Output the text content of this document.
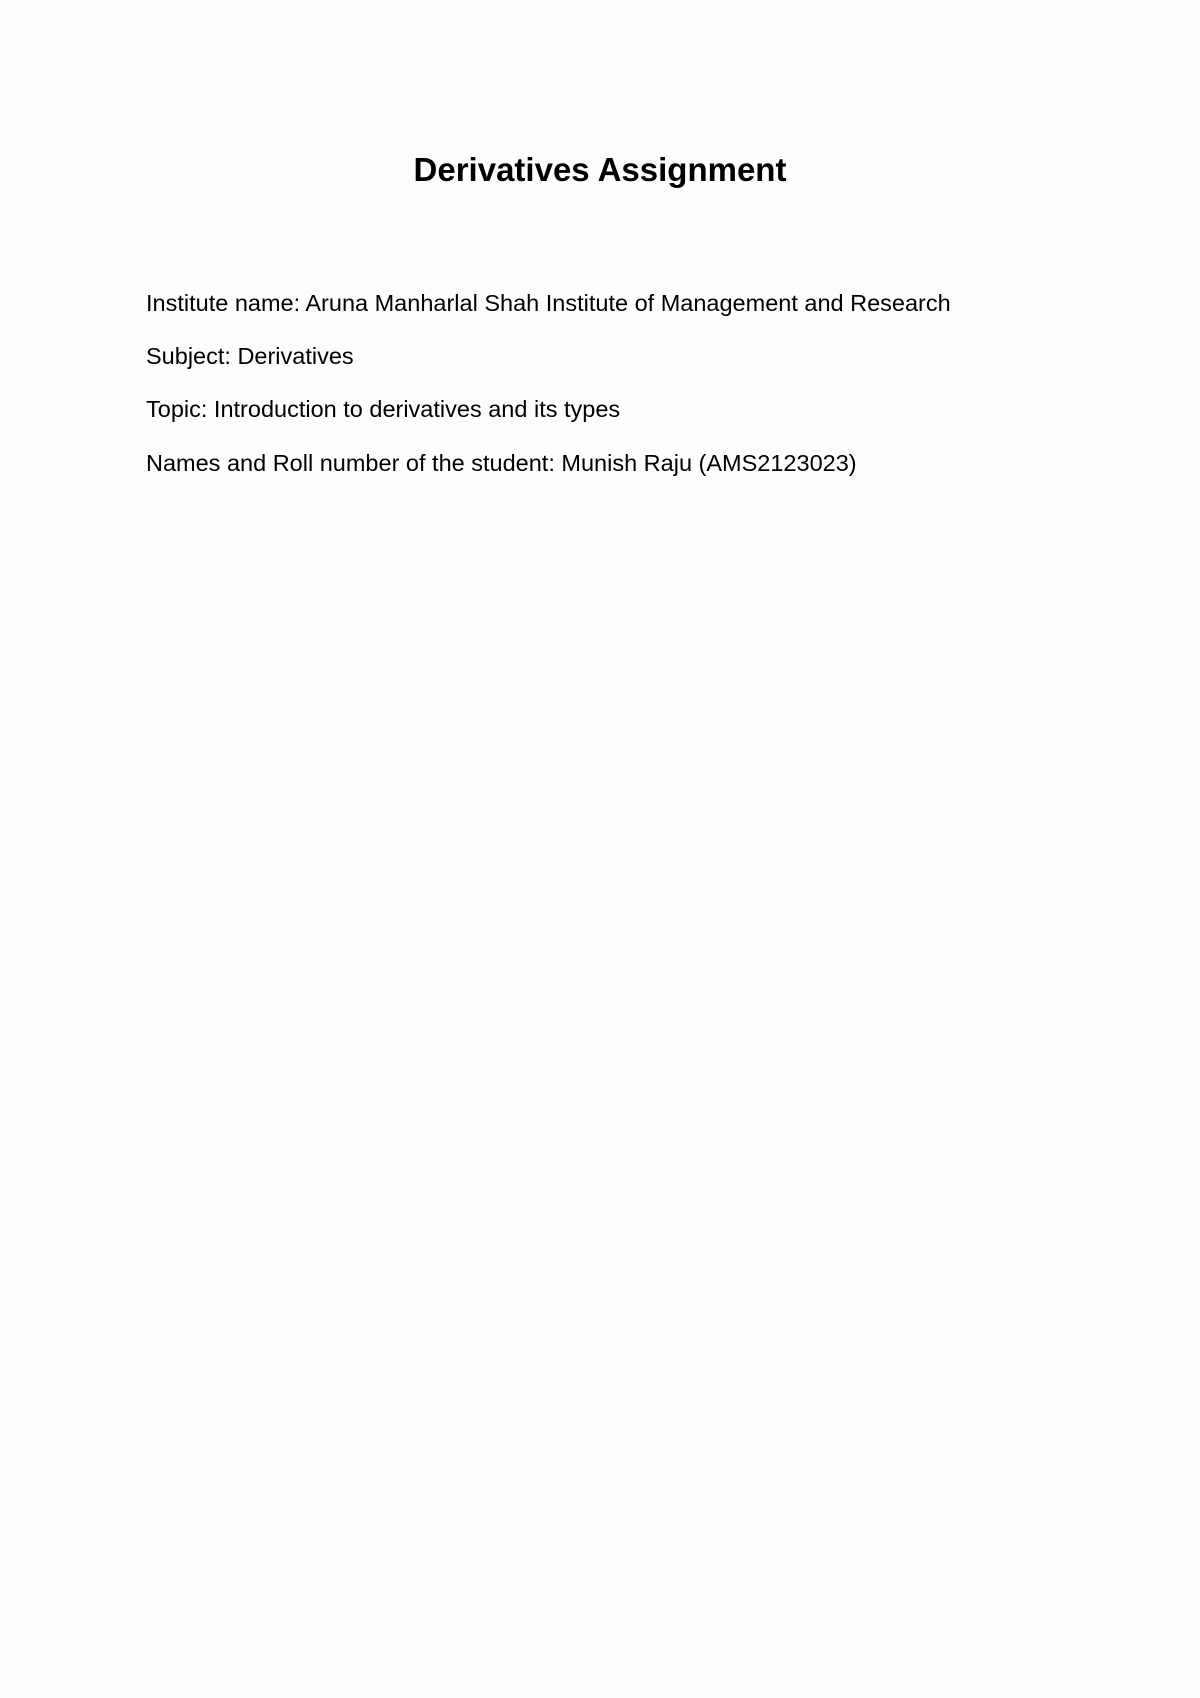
Derivatives Assignment

Institute name: Aruna Manharlal Shah Institute of Management and Research

Subject: Derivatives

Topic: Introduction to derivatives and its types

Names and Roll number of the student: Munish Raju (AMS2123023)
